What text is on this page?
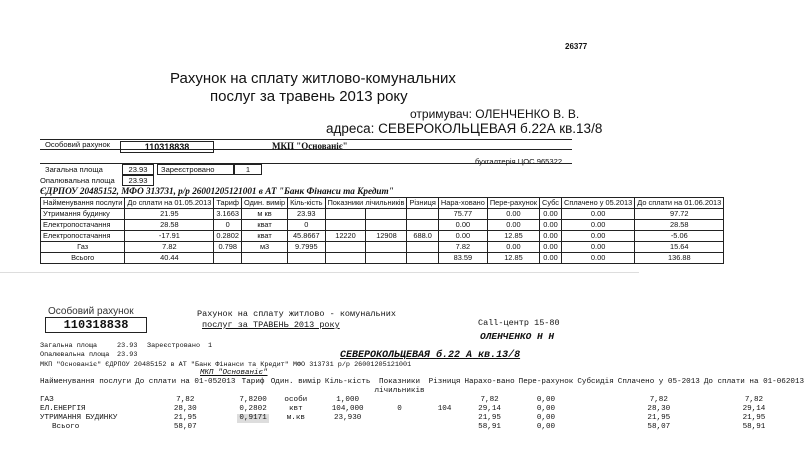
26377
Рахунок на сплату житлово-комунальних
послуг за травень 2013 року
отримувач: ОЛЕНЧЕНКО В. В.
адреса: СЕВЕРОКОЛЬЦЕВАЯ б.22А кв.13/8
Особовий рахунок	110318838	МКП "Основаніє"
бухгалтерія ЦОС 965322
Загальна площа	23.93	Зареєстровано	1
Опалювальна площа	23.93
ЄДРПОУ 20485152, МФО 313731, р/р 26001205121001 в АТ "Банк Фінанси та Кредит"
Найменування послуги	До сплати на 01.05.2013	Тариф	Один. вимір	Кіль-кість	Показники лічильників		Різниця	Нара-ховано	Пере-рахунок	Субс	Сплачено у 05.2013	До сплати на 01.06.2013
Утримання будинку	21.95	3.1663	м кв	23.93				75.77	0.00	0.00	0.00	97.72
Електропостачання	28.58	0	кват	0				0.00	0.00	0.00	0.00	28.58
Електропостачання	-17.91	0.2802	кват	45.8667	12220	12908	688.0	0.00	12.85	0.00	0.00	-5.06
Газ	7.82	0.798	м3	9.7995				7.82	0.00	0.00	0.00	15.64
Всього	40.44							83.59	12.85	0.00	0.00	136.88
Особовий рахунок
110318838
Рахунок на сплату житлово - комунальних
послуг за ТРАВЕНЬ 2013 року	Call-центр 15-80
ОЛЕНЧЕНКО Н Н
Загальна площа	23.93 Зареєстровано 1
Опалювальна площа 23.93	СЕВЕРОКОЛЬЦЕВАЯ б.22 А кв.13/8
МКП "Основаніє" ЄДРПОУ 20485152 в АТ "Банк Фінанси та Кредит" МФО 313731 р/р 26001205121001
МКП "Основаніє"
Найменування послуги	До сплати на 01-052013	Тариф	Один. виміp	Кіль-кість	Показники лічильників	Різниця	Нарахо-вано	Пере-рахунок	Субсидія	Сплачено у 05-2013	До сплати на 01-062013
ГАЗ	7,82	7,8200	особи	1,000			7,82	0,00		7,82	7,82
ЕЛ.ЕНЕРГІЯ	28,30	0,2802	квт	104,000	0	104	29,14	0,00		28,30	29,14
УТРИМАННЯ БУДИНКУ	21,95	0,9171	м.кв	23,930			21,95	0,00		21,95	21,95
Всього	58,07						58,91	0,00		58,07	58,91
